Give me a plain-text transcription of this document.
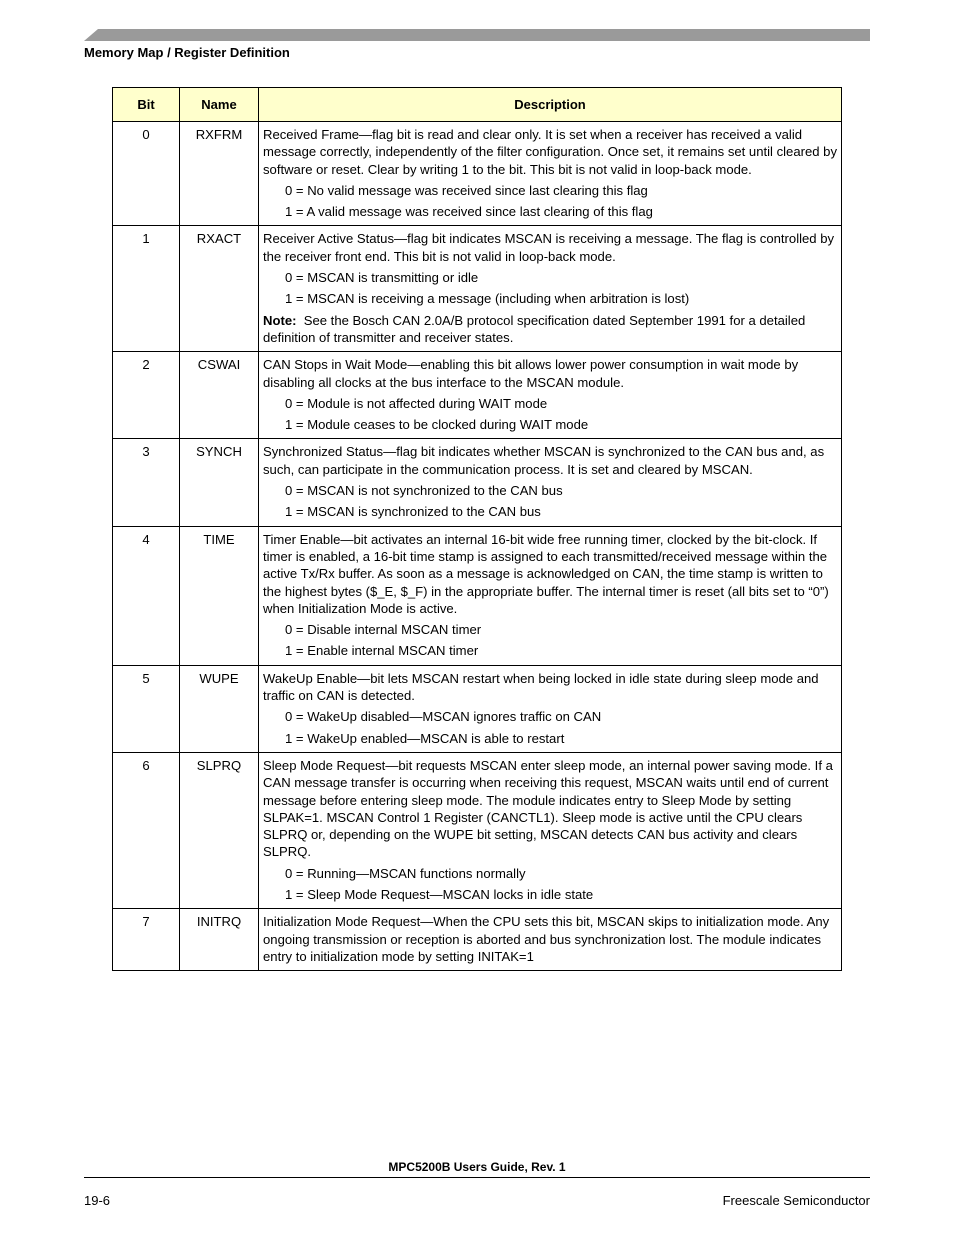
Memory Map / Register Definition
Bit	Name	Description
0	RXFRM	Received Frame—flag bit is read and clear only. It is set when a receiver has received a valid message correctly, independently of the filter configuration. Once set, it remains set until cleared by software or reset. Clear by writing 1 to the bit. This bit is not valid in loop-back mode.
0 = No valid message was received since last clearing this flag
1 = A valid message was received since last clearing of this flag

1	RXACT	Receiver Active Status—flag bit indicates MSCAN is receiving a message. The flag is controlled by the receiver front end. This bit is not valid in loop-back mode.
0 = MSCAN is transmitting or idle
1 = MSCAN is receiving a message (including when arbitration is lost)
Note: See the Bosch CAN 2.0A/B protocol specification dated September 1991 for a detailed definition of transmitter and receiver states.

2	CSWAI	CAN Stops in Wait Mode—enabling this bit allows lower power consumption in wait mode by disabling all clocks at the bus interface to the MSCAN module.
0 = Module is not affected during WAIT mode
1 = Module ceases to be clocked during WAIT mode

3	SYNCH	Synchronized Status—flag bit indicates whether MSCAN is synchronized to the CAN bus and, as such, can participate in the communication process. It is set and cleared by MSCAN.
0 = MSCAN is not synchronized to the CAN bus
1 = MSCAN is synchronized to the CAN bus

4	TIME	Timer Enable—bit activates an internal 16-bit wide free running timer, clocked by the bit-clock. If timer is enabled, a 16-bit time stamp is assigned to each transmitted/received message within the active Tx/Rx buffer. As soon as a message is acknowledged on CAN, the time stamp is written to the highest bytes ($_E, $_F) in the appropriate buffer. The internal timer is reset (all bits set to “0”) when Initialization Mode is active.
0 = Disable internal MSCAN timer
1 = Enable internal MSCAN timer

5	WUPE	WakeUp Enable—bit lets MSCAN restart when being locked in idle state during sleep mode and traffic on CAN is detected.
0 = WakeUp disabled—MSCAN ignores traffic on CAN
1 = WakeUp enabled—MSCAN is able to restart

6	SLPRQ	Sleep Mode Request—bit requests MSCAN enter sleep mode, an internal power saving mode. If a CAN message transfer is occurring when receiving this request, MSCAN waits until end of current message before entering sleep mode. The module indicates entry to Sleep Mode by setting SLPAK=1. MSCAN Control 1 Register (CANCTL1). Sleep mode is active until the CPU clears SLPRQ or, depending on the WUPE bit setting, MSCAN detects CAN bus activity and clears SLPRQ.
0 = Running—MSCAN functions normally
1 = Sleep Mode Request—MSCAN locks in idle state

7	INITRQ	Initialization Mode Request—When the CPU sets this bit, MSCAN skips to initialization mode. Any ongoing transmission or reception is aborted and bus synchronization lost. The module indicates entry to initialization mode by setting INITAK=1
MPC5200B Users Guide, Rev. 1
19-6	Freescale Semiconductor
